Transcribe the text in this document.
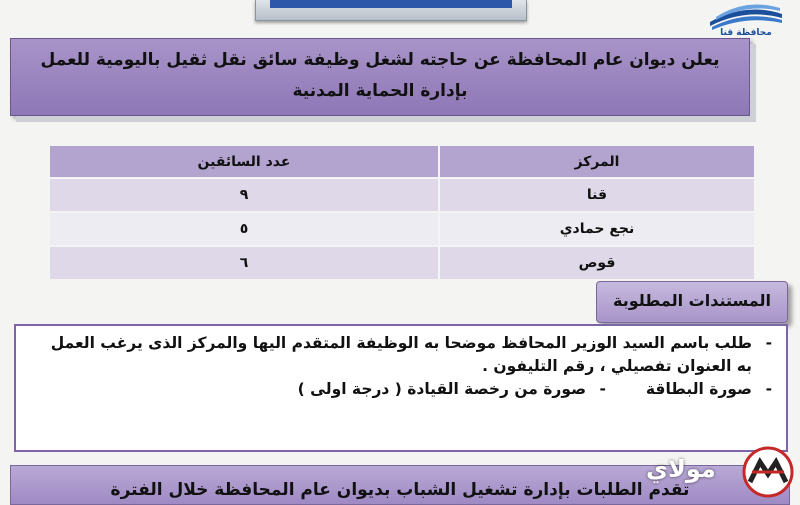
محافظة قنا
يعلن ديوان عام المحافظة عن حاجته لشغل وظيفة سائق نقل ثقيل باليومية للعمل بإدارة الحماية المدنية
المركز	عدد السائقين
قنا	٩
نجع حمادي	٥
قوص	٦
المستندات المطلوبة
-
طلب باسم السيد الوزير المحافظ موضحا به الوظيفة المتقدم اليها والمركز الذى يرغب العمل به العنوان تفصيلي ، رقم التليفون .
-
صورة البطاقة
- صورة من رخصة القيادة ( درجة اولى )
تقدم الطلبات بإدارة تشغيل الشباب بديوان عام المحافظة خلال الفترة
مولاي
